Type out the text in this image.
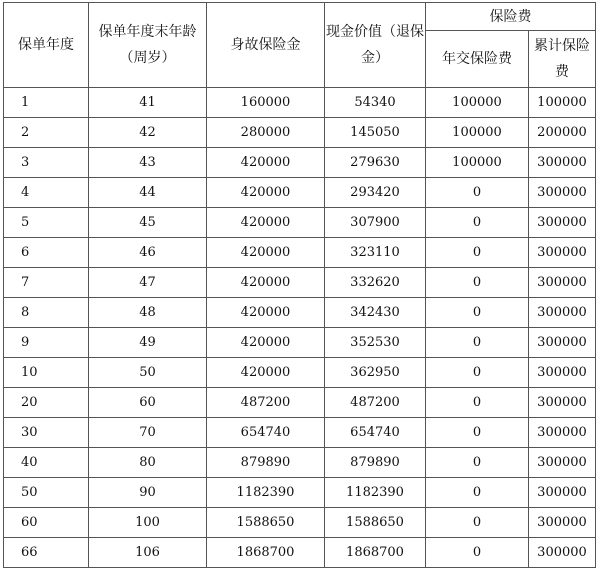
保单年度	保单年度末年龄（周岁）	身故保险金	现金价值（退保金）	保险费	
				年交保险费	累计保险费
1	41	160000	54340	100000	100000
2	42	280000	145050	100000	200000
3	43	420000	279630	100000	300000
4	44	420000	293420	0	300000
5	45	420000	307900	0	300000
6	46	420000	323110	0	300000
7	47	420000	332620	0	300000
8	48	420000	342430	0	300000
9	49	420000	352530	0	300000
10	50	420000	362950	0	300000
20	60	487200	487200	0	300000
30	70	654740	654740	0	300000
40	80	879890	879890	0	300000
50	90	1182390	1182390	0	300000
60	100	1588650	1588650	0	300000
66	106	1868700	1868700	0	300000
